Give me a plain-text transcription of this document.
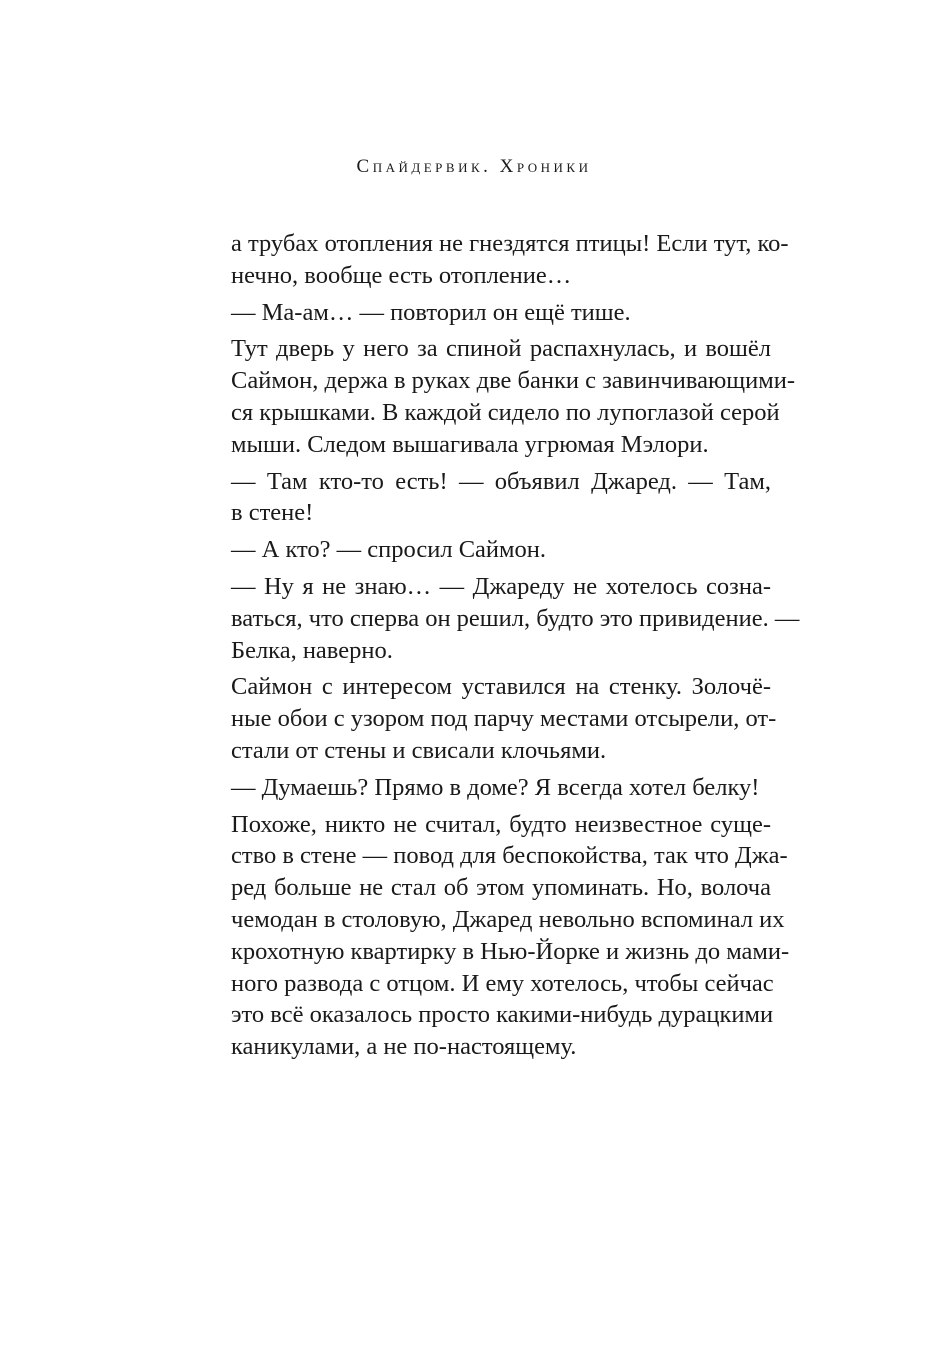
Спайдервик. Хроники
а трубах отопления не гнездятся птицы! Если тут, ко-
нечно, вообще есть отопление…
— Ма-ам… — повторил он ещё тише.
Тут дверь у него за спиной распахнулась, и вошёл
Саймон, держа в руках две банки с завинчивающими-
ся крышками. В каждой сидело по лупоглазой серой
мыши. Следом вышагивала угрюмая Мэлори.
— Там кто-то есть! — объявил Джаред. — Там,
в стене!
— А кто? — спросил Саймон.
— Ну я не знаю… — Джареду не хотелось созна-
ваться, что сперва он решил, будто это привидение. —
Белка, наверно.
Саймон с интересом уставился на стенку. Золочё-
ные обои с узором под парчу местами отсырели, от-
стали от стены и свисали клочьями.
— Думаешь? Прямо в доме? Я всегда хотел белку!
Похоже, никто не считал, будто неизвестное суще-
ство в стене — повод для беспокойства, так что Джа-
ред больше не стал об этом упоминать. Но, волоча
чемодан в столовую, Джаред невольно вспоминал их
крохотную квартирку в Нью-Йорке и жизнь до мами-
ного развода с отцом. И ему хотелось, чтобы сейчас
это всё оказалось просто какими-нибудь дурацкими
каникулами, а не по-настоящему.
